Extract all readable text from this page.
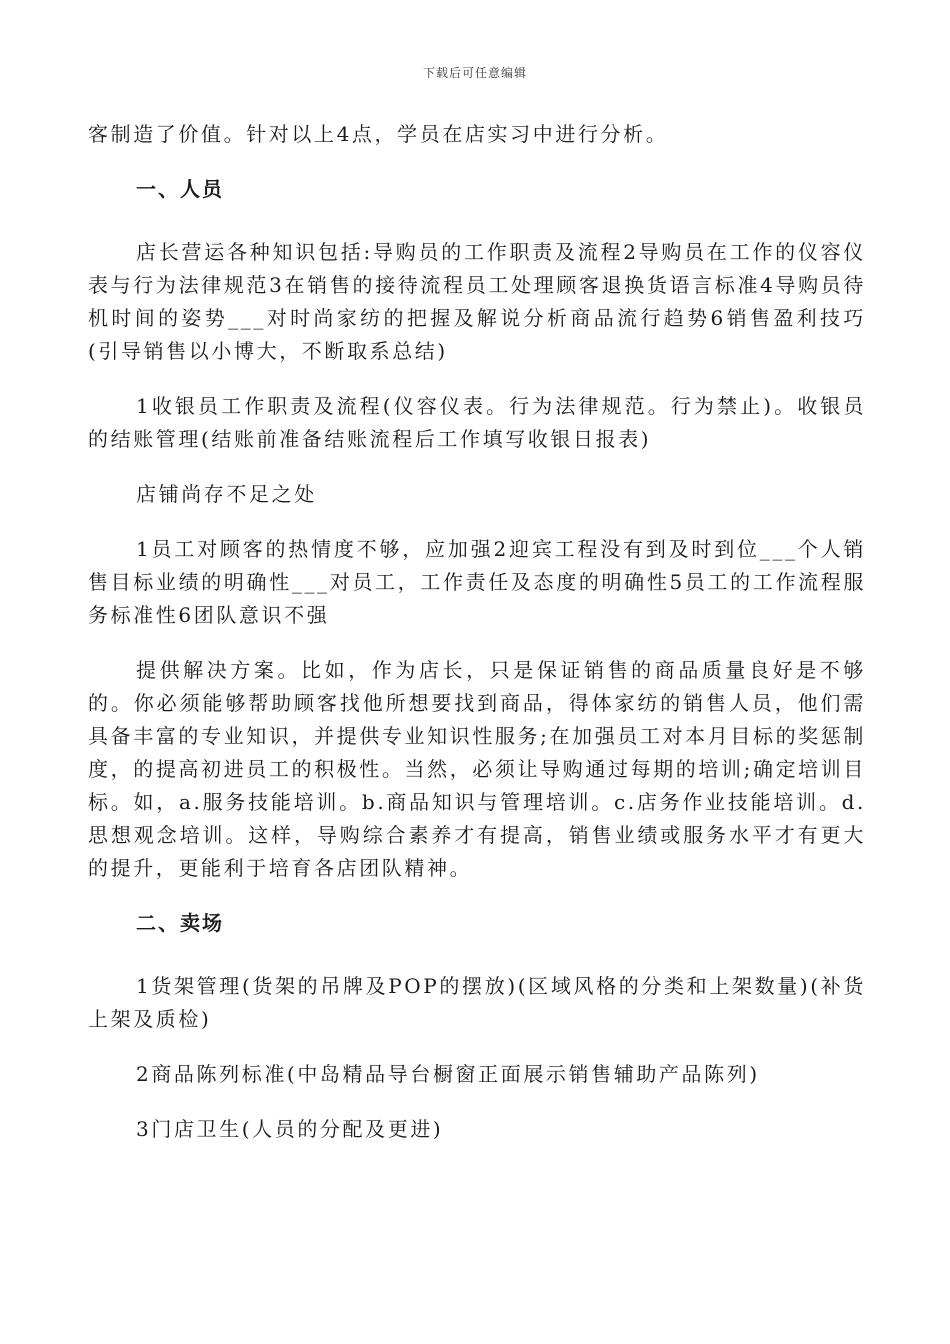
下载后可任意编辑

客制造了价值。针对以上4点，学员在店实习中进行分析。

一、人员

店长营运各种知识包括:导购员的工作职责及流程2导购员在工作的仪容仪表与行为法律规范3在销售的接待流程员工处理顾客退换货语言标准4导购员待机时间的姿势___对时尚家纺的把握及解说分析商品流行趋势6销售盈利技巧(引导销售以小博大，不断取系总结)

1收银员工作职责及流程(仪容仪表。行为法律规范。行为禁止)。收银员的结账管理(结账前准备结账流程后工作填写收银日报表)

店铺尚存不足之处

1员工对顾客的热情度不够，应加强2迎宾工程没有到及时到位___个人销售目标业绩的明确性___对员工，工作责任及态度的明确性5员工的工作流程服务标准性6团队意识不强

提供解决方案。比如，作为店长，只是保证销售的商品质量良好是不够的。你必须能够帮助顾客找他所想要找到商品，得体家纺的销售人员，他们需具备丰富的专业知识，并提供专业知识性服务;在加强员工对本月目标的奖惩制度，的提高初进员工的积极性。当然，必须让导购通过每期的培训;确定培训目标。如，a.服务技能培训。b.商品知识与管理培训。c.店务作业技能培训。d.思想观念培训。这样，导购综合素养才有提高，销售业绩或服务水平才有更大的提升，更能利于培育各店团队精神。

二、卖场

1货架管理(货架的吊牌及POP的摆放)(区域风格的分类和上架数量)(补货上架及质检)

2商品陈列标准(中岛精品导台橱窗正面展示销售辅助产品陈列)

3门店卫生(人员的分配及更进)
